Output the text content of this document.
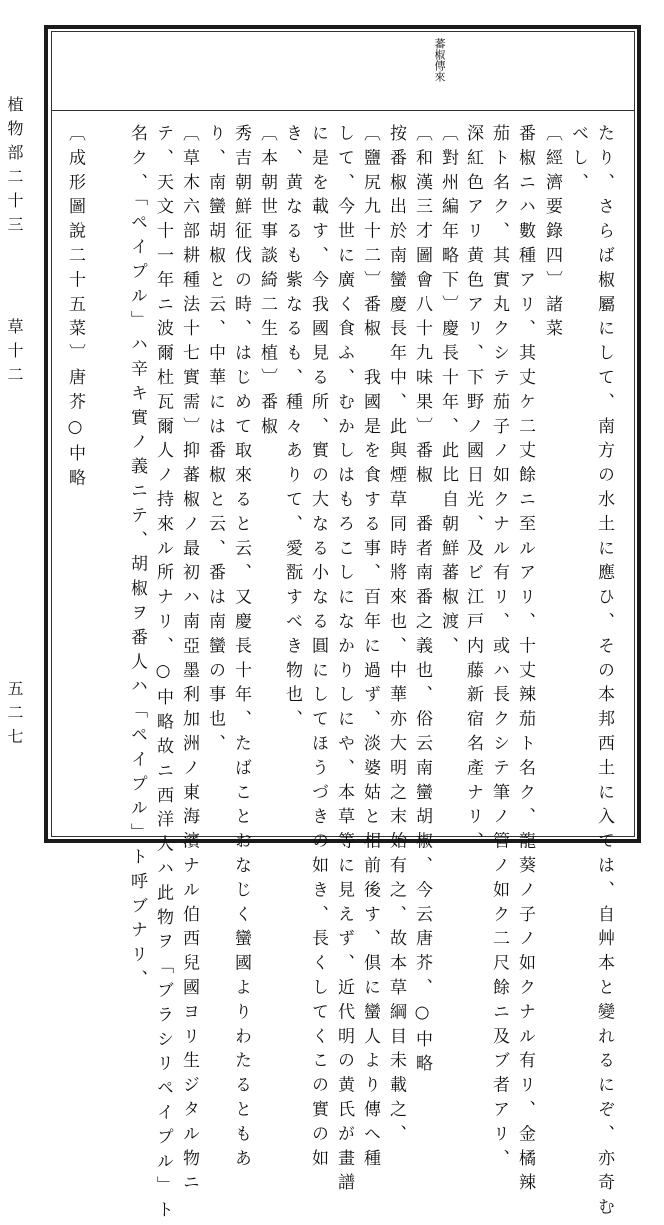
蕃椒傳來
植物部二十三
草十二
五二七	たり、さらば椒屬にして、南方の水土に應ひ、その本邦西土に入ては、自艸本と變れるにぞ、亦奇む
べし、
〔經濟要錄四〕諸菜
番椒ニハ數種アリ、其丈ケ二丈餘ニ至ルアリ、十丈辣茄ト名ク、龍葵ノ子ノ如クナル有リ、金橘辣
茄ト名ク、其實丸クシテ茄子ノ如クナル有リ、或ハ長クシテ筆ノ管ノ如ク二尺餘ニ及ブ者アリ、
深紅色アリ黄色アリ、下野ノ國日光、及ビ江戸内藤新宿名產ナリ、
〔對州編年略下〕慶長十年、此比自朝鮮蕃椒渡、
〔和漢三才圖會八十九味果〕番椒　番者南番之義也、俗云南蠻胡椒、今云唐芥、○中略
按番椒出於南蠻慶長年中、此與煙草同時將來也、中華亦大明之末始有之、故本草綱目未載之、
〔鹽尻九十二〕番椒　我國是を食する事、百年に過ず、淡婆姑と相前後す、倶に蠻人より傳へ種
して、今世に廣く食ふ、むかしはもろこしになかりしにや、本草等に見えず、近代明の黄氏が畫譜
に是を載す、今我國見る所、實の大なる小なる圓にしてほうづきの如き、長くしてくこの實の如
き、黄なるも紫なるも、種々ありて、愛翫すべき物也、
〔本朝世事談綺二生植〕番椒
秀吉朝鮮征伐の時、はじめて取來ると云、又慶長十年、たばことおなじく蠻國よりわたるともあ
り、南蠻胡椒と云、中華には番椒と云、番は南蠻の事也、
〔草木六部耕種法十七實需〕抑蕃椒ノ最初ハ南亞墨利加洲ノ東海濱ナル伯西兒國ヨリ生ジタル物ニ
テ、天文十一年ニ波爾杜瓦爾人ノ持來ル所ナリ、○中略故ニ西洋人ハ此物ヲ「ブラシリペイプル」ト
名ク、「ペイプル」ハ辛キ實ノ義ニテ、胡椒ヲ番人ハ「ペイプル」ト呼ブナリ、
〔成形圖說二十五菜〕唐芥○中略
